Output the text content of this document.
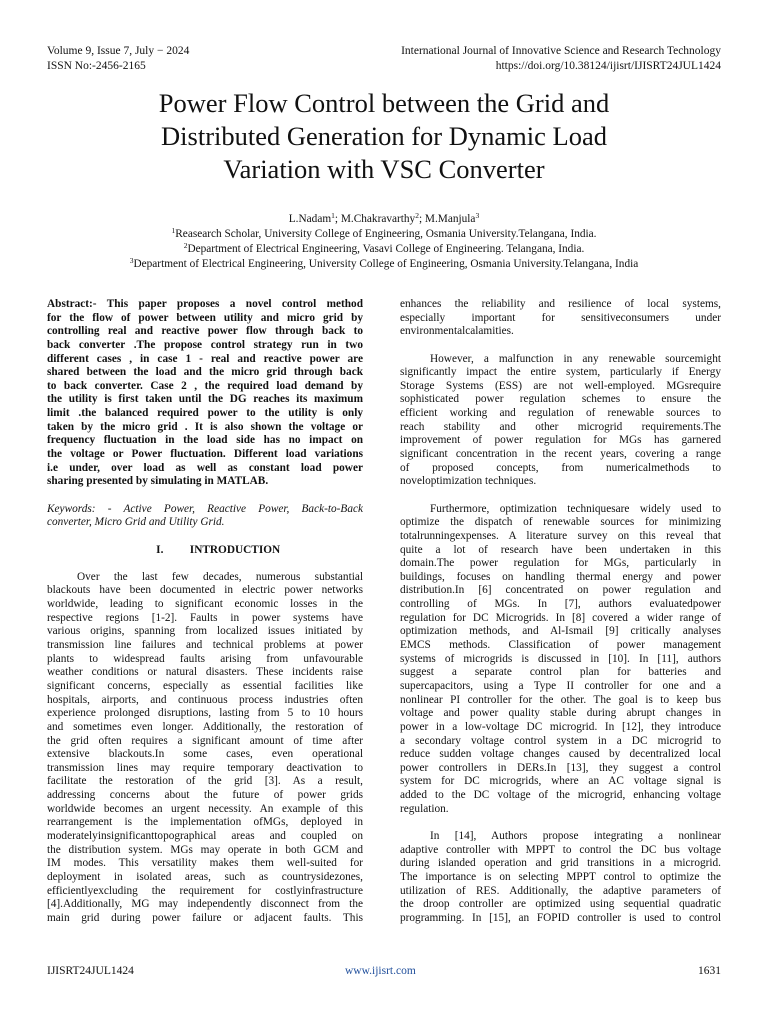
Volume 9, Issue 7, July − 2024
ISSN No:-2456-2165
International Journal of Innovative Science and Research Technology
https://doi.org/10.38124/ijisrt/IJISRT24JUL1424
Power Flow Control between the Grid and
Distributed Generation for Dynamic Load
Variation with VSC Converter
L.Nadam$^1$; M.Chakravarthy$^2$; M.Manjula$^3$
$^1$Reasearch Scholar, University College of Engineering, Osmania University.Telangana, India.
$^2$Department of Electrical Engineering, Vasavi College of Engineering. Telangana, India.
$^3$Department of Electrical Engineering, University College of Engineering, Osmania University.Telangana, India
Abstract:- This paper proposes a novel control method
for the flow of power between utility and micro grid by
controlling real and reactive power flow through back to
back converter .The propose control strategy run in two
different cases , in case 1 - real and reactive power are
shared between the load and the micro grid through back
to back converter. Case 2 , the required load demand by
the utility is first taken until the DG reaches its maximum
limit .the balanced required power to the utility is only
taken by the micro grid . It is also shown the voltage or
frequency fluctuation in the load side has no impact on
the voltage or Power fluctuation. Different load variations
i.e under, over load as well as constant load power
sharing presented by simulating in MATLAB.
Keywords: - Active Power, Reactive Power, Back-to-Back
converter, Micro Grid and Utility Grid.
I. INTRODUCTION
Over the last few decades, numerous substantial
blackouts have been documented in electric power networks
worldwide, leading to significant economic losses in the
respective regions [1-2]. Faults in power systems have
various origins, spanning from localized issues initiated by
transmission line failures and technical problems at power
plants to widespread faults arising from unfavourable
weather conditions or natural disasters. These incidents raise
significant concerns, especially as essential facilities like
hospitals, airports, and continuous process industries often
experience prolonged disruptions, lasting from 5 to 10 hours
and sometimes even longer. Additionally, the restoration of
the grid often requires a significant amount of time after
extensive blackouts.In some cases, even operational
transmission lines may require temporary deactivation to
facilitate the restoration of the grid [3]. As a result,
addressing concerns about the future of power grids
worldwide becomes an urgent necessity. An example of this
rearrangement is the implementation ofMGs, deployed in
moderatelyinsignificanttopographical areas and coupled on
the distribution system. MGs may operate in both GCM and
IM modes. This versatility makes them well-suited for
deployment in isolated areas, such as countrysidezones,
efficientlyexcluding the requirement for costlyinfrastructure
[4].Additionally, MG may independently disconnect from the
main grid during power failure or adjacent faults. This
enhances the reliability and resilience of local systems,
especially important for sensitiveconsumers under
environmentalcalamities.
However, a malfunction in any renewable sourcemight
significantly impact the entire system, particularly if Energy
Storage Systems (ESS) are not well-employed. MGsrequire
sophisticated power regulation schemes to ensure the
efficient working and regulation of renewable sources to
reach stability and other microgrid requirements.The
improvement of power regulation for MGs has garnered
significant concentration in the recent years, covering a range
of proposed concepts, from numericalmethods to
noveloptimization techniques.
Furthermore, optimization techniquesare widely used to
optimize the dispatch of renewable sources for minimizing
totalrunningexpenses. A literature survey on this reveal that
quite a lot of research have been undertaken in this
domain.The power regulation for MGs, particularly in
buildings, focuses on handling thermal energy and power
distribution.In [6] concentrated on power regulation and
controlling of MGs. In [7], authors evaluatedpower
regulation for DC Microgrids. In [8] covered a wider range of
optimization methods, and Al-Ismail [9] critically analyses
EMCS methods. Classification of power management
systems of microgrids is discussed in [10]. In [11], authors
suggest a separate control plan for batteries and
supercapacitors, using a Type II controller for one and a
nonlinear PI controller for the other. The goal is to keep bus
voltage and power quality stable during abrupt changes in
power in a low-voltage DC microgrid. In [12], they introduce
a secondary voltage control system in a DC microgrid to
reduce sudden voltage changes caused by decentralized local
power controllers in DERs.In [13], they suggest a control
system for DC microgrids, where an AC voltage signal is
added to the DC voltage of the microgrid, enhancing voltage
regulation.
In [14], Authors propose integrating a nonlinear
adaptive controller with MPPT to control the DC bus voltage
during islanded operation and grid transitions in a microgrid.
The importance is on selecting MPPT control to optimize the
utilization of RES. Additionally, the adaptive parameters of
the droop controller are optimized using sequential quadratic
programming. In [15], an FOPID controller is used to control
IJISRT24JUL1424	www.ijisrt.com	1631
